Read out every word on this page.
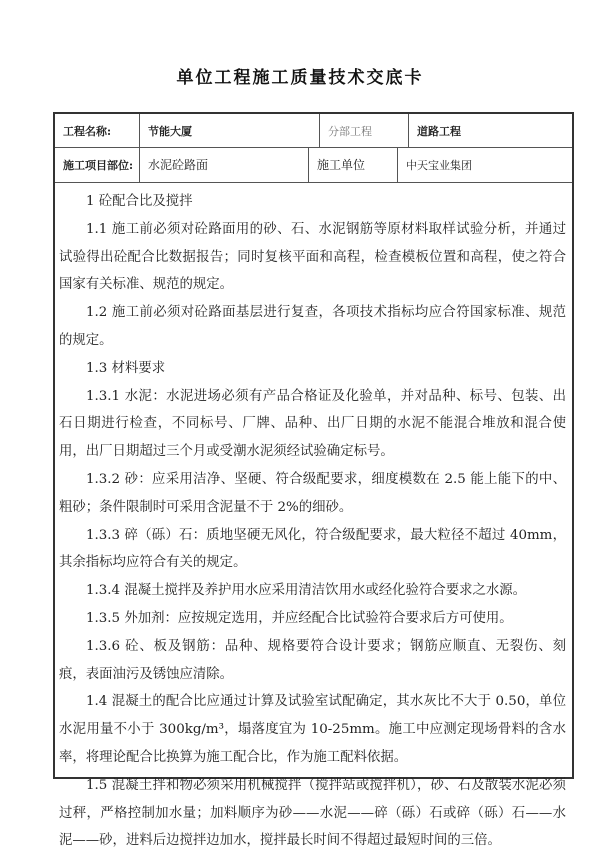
单位工程施工质量技术交底卡
工程名称:	节能大厦	分部工程	道路工程
施工项目部位:	水泥砼路面	施工单位	中天宝业集团

1 砼配合比及搅拌

1.1 施工前必须对砼路面用的砂、石、水泥钢筋等原材料取样试验分析，并通过试验得出砼配合比数据报告；同时复核平面和高程，检查模板位置和高程，使之符合国家有关标准、规范的规定。

1.2 施工前必须对砼路面基层进行复查，各项技术指标均应合符国家标准、规范的规定。

1.3 材料要求

1.3.1 水泥：水泥进场必须有产品合格证及化验单，并对品种、标号、包装、出石日期进行检查，不同标号、厂牌、品种、出厂日期的水泥不能混合堆放和混合使用，出厂日期超过三个月或受潮水泥须经试验确定标号。

1.3.2 砂：应采用洁净、坚硬、符合级配要求，细度模数在 2.5 能上能下的中、粗砂；条件限制时可采用含泥量不于 2%的细砂。

1.3.3 碎（砾）石：质地坚硬无风化，符合级配要求，最大粒径不超过 40mm，其余指标均应符合有关的规定。

1.3.4 混凝土搅拌及养护用水应采用清洁饮用水或经化验符合要求之水源。

1.3.5 外加剂：应按规定选用，并应经配合比试验符合要求后方可使用。

1.3.6 砼、板及钢筋：品种、规格要符合设计要求；钢筋应顺直、无裂伤、刻痕，表面油污及锈蚀应清除。

1.4 混凝土的配合比应通过计算及试验室试配确定，其水灰比不大于 0.50，单位水泥用量不小于 300kg/m³，塌落度宜为 10-25mm。施工中应测定现场骨料的含水率，将理论配合比换算为施工配合比，作为施工配料依据。

1.5 混凝土拌和物必须采用机械搅拌（搅拌站或搅拌机），砂、石及散装水泥必须过秤，严格控制加水量；加料顺序为砂——水泥——碎（砾）石或碎（砾）石——水泥——砂，进料后边搅拌边加水，搅拌最长时间不得超过最短时间的三倍。
